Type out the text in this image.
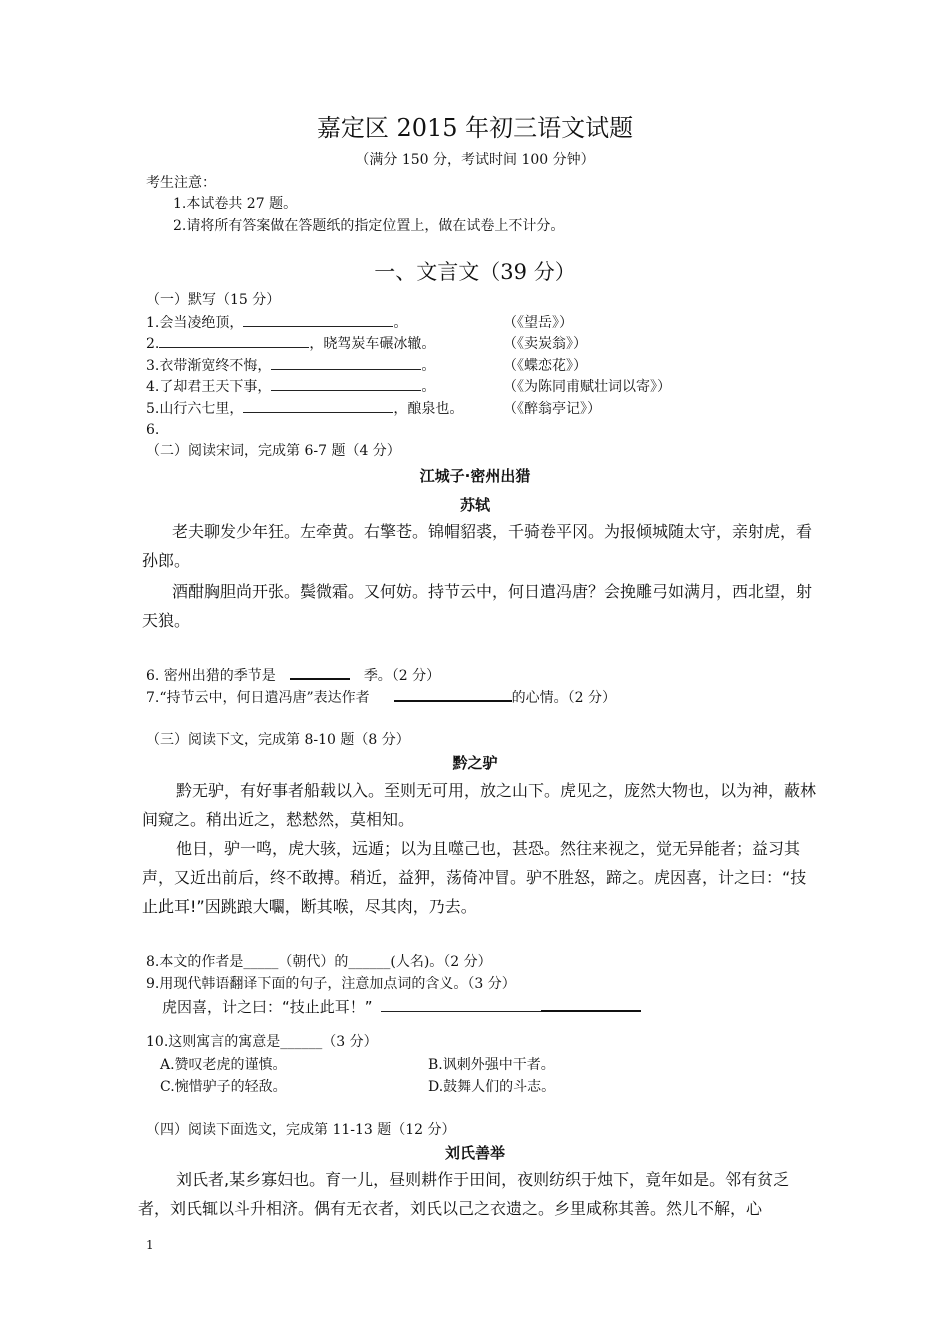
嘉定区 2015 年初三语文试题
（满分 150 分，考试时间 100 分钟）
考生注意：
1.本试卷共 27 题。
2.请将所有答案做在答题纸的指定位置上，做在试卷上不计分。
一、文言文（39 分）
（一）默写（15 分）
1.会当凌绝顶，	。	（《望岳》）
2.	，晓驾炭车碾冰辙。	（《卖炭翁》）
3.衣带渐宽终不悔，	。	（《蝶恋花》）
4.了却君王天下事，	。	（《为陈同甫赋壮词以寄》）
5.山行六七里，	，酿泉也。	（《醉翁亭记》）
6.
（二）阅读宋词，完成第 6-7 题（4 分）
江城子·密州出猎
苏轼
老夫聊发少年狂。左牵黄。右擎苍。锦帽貂裘，千骑卷平冈。为报倾城随太守，亲射虎，看孙郎。
酒酣胸胆尚开张。鬓微霜。又何妨。持节云中，何日遣冯唐？会挽雕弓如满月，西北望，射天狼。
6. 密州出猎的季节是	季。（2 分）
7.“持节云中，何日遣冯唐”表达作者	的心情。（2 分）
（三）阅读下文，完成第 8-10 题（8 分）
黔之驴
黔无驴，有好事者船载以入。至则无可用，放之山下。虎见之，庞然大物也，以为神，蔽林间窥之。稍出近之，慭慭然，莫相知。
他日，驴一鸣，虎大骇，远遁；以为且噬己也，甚恐。然往来视之，觉无异能者；益习其声，又近出前后，终不敢搏。稍近，益狎，荡倚冲冒。驴不胜怒，蹄之。虎因喜，计之曰：“技止此耳!”因跳踉大㘚，断其喉，尽其肉，乃去。
8.本文的作者是_____（朝代）的______(人名)。（2 分）
9.用现代韩语翻译下面的句子，注意加点词的含义。（3 分）
虎因喜，计之曰：“技止此耳！”
10.这则寓言的寓意是______（3 分）
A.赞叹老虎的谨慎。	B.讽刺外强中干者。
C.惋惜驴子的轻敌。	D.鼓舞人们的斗志。
（四）阅读下面选文，完成第 11-13 题（12 分）
刘氏善举
刘氏者,某乡寡妇也。育一儿，昼则耕作于田间，夜则纺织于烛下，竟年如是。邻有贫乏者，刘氏辄以斗升相济。偶有无衣者，刘氏以己之衣遗之。乡里咸称其善。然儿不解，心
1
